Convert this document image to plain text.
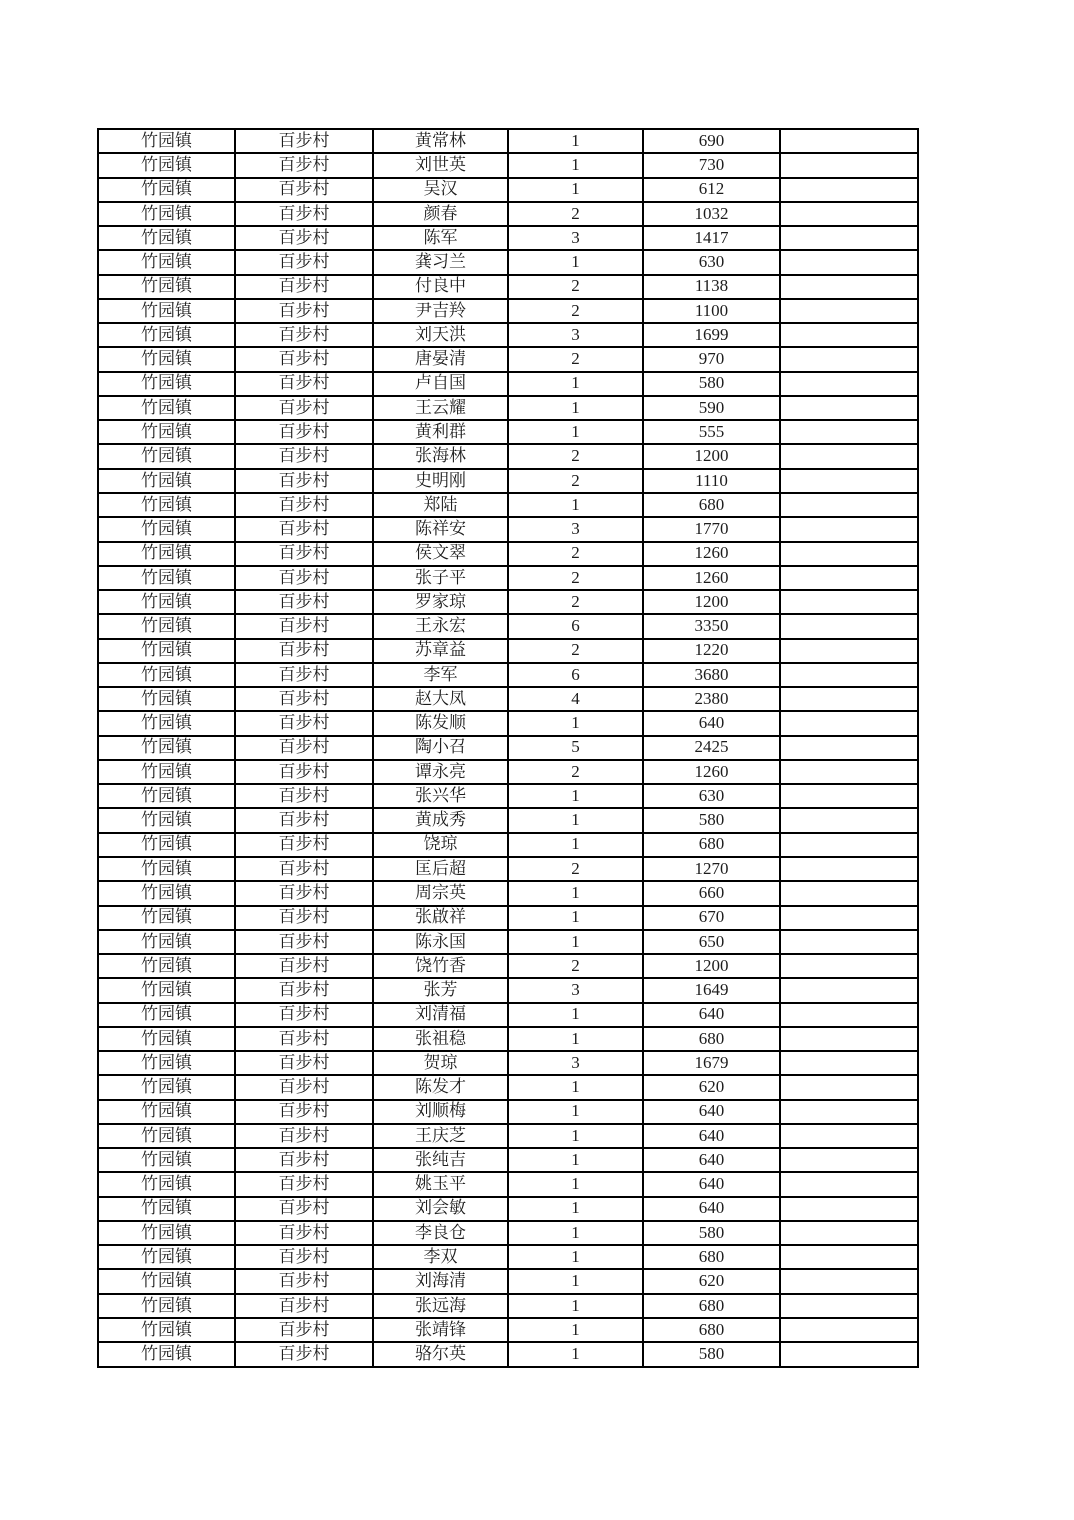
竹园镇	百步村	黄常林	1	690	
竹园镇	百步村	刘世英	1	730	
竹园镇	百步村	吴汉	1	612	
竹园镇	百步村	颜春	2	1032	
竹园镇	百步村	陈军	3	1417	
竹园镇	百步村	龚习兰	1	630	
竹园镇	百步村	付良中	2	1138	
竹园镇	百步村	尹吉羚	2	1100	
竹园镇	百步村	刘天洪	3	1699	
竹园镇	百步村	唐晏清	2	970	
竹园镇	百步村	卢自国	1	580	
竹园镇	百步村	王云耀	1	590	
竹园镇	百步村	黄利群	1	555	
竹园镇	百步村	张海林	2	1200	
竹园镇	百步村	史明刚	2	1110	
竹园镇	百步村	郑陆	1	680	
竹园镇	百步村	陈祥安	3	1770	
竹园镇	百步村	侯文翠	2	1260	
竹园镇	百步村	张子平	2	1260	
竹园镇	百步村	罗家琼	2	1200	
竹园镇	百步村	王永宏	6	3350	
竹园镇	百步村	苏章益	2	1220	
竹园镇	百步村	李军	6	3680	
竹园镇	百步村	赵大凤	4	2380	
竹园镇	百步村	陈发顺	1	640	
竹园镇	百步村	陶小召	5	2425	
竹园镇	百步村	谭永亮	2	1260	
竹园镇	百步村	张兴华	1	630	
竹园镇	百步村	黄成秀	1	580	
竹园镇	百步村	饶琼	1	680	
竹园镇	百步村	匡后超	2	1270	
竹园镇	百步村	周宗英	1	660	
竹园镇	百步村	张啟祥	1	670	
竹园镇	百步村	陈永国	1	650	
竹园镇	百步村	饶竹香	2	1200	
竹园镇	百步村	张芳	3	1649	
竹园镇	百步村	刘清福	1	640	
竹园镇	百步村	张祖稳	1	680	
竹园镇	百步村	贺琼	3	1679	
竹园镇	百步村	陈发才	1	620	
竹园镇	百步村	刘顺梅	1	640	
竹园镇	百步村	王庆芝	1	640	
竹园镇	百步村	张纯吉	1	640	
竹园镇	百步村	姚玉平	1	640	
竹园镇	百步村	刘会敏	1	640	
竹园镇	百步村	李良仓	1	580	
竹园镇	百步村	李双	1	680	
竹园镇	百步村	刘海清	1	620	
竹园镇	百步村	张远海	1	680	
竹园镇	百步村	张靖锋	1	680	
竹园镇	百步村	骆尔英	1	580	
